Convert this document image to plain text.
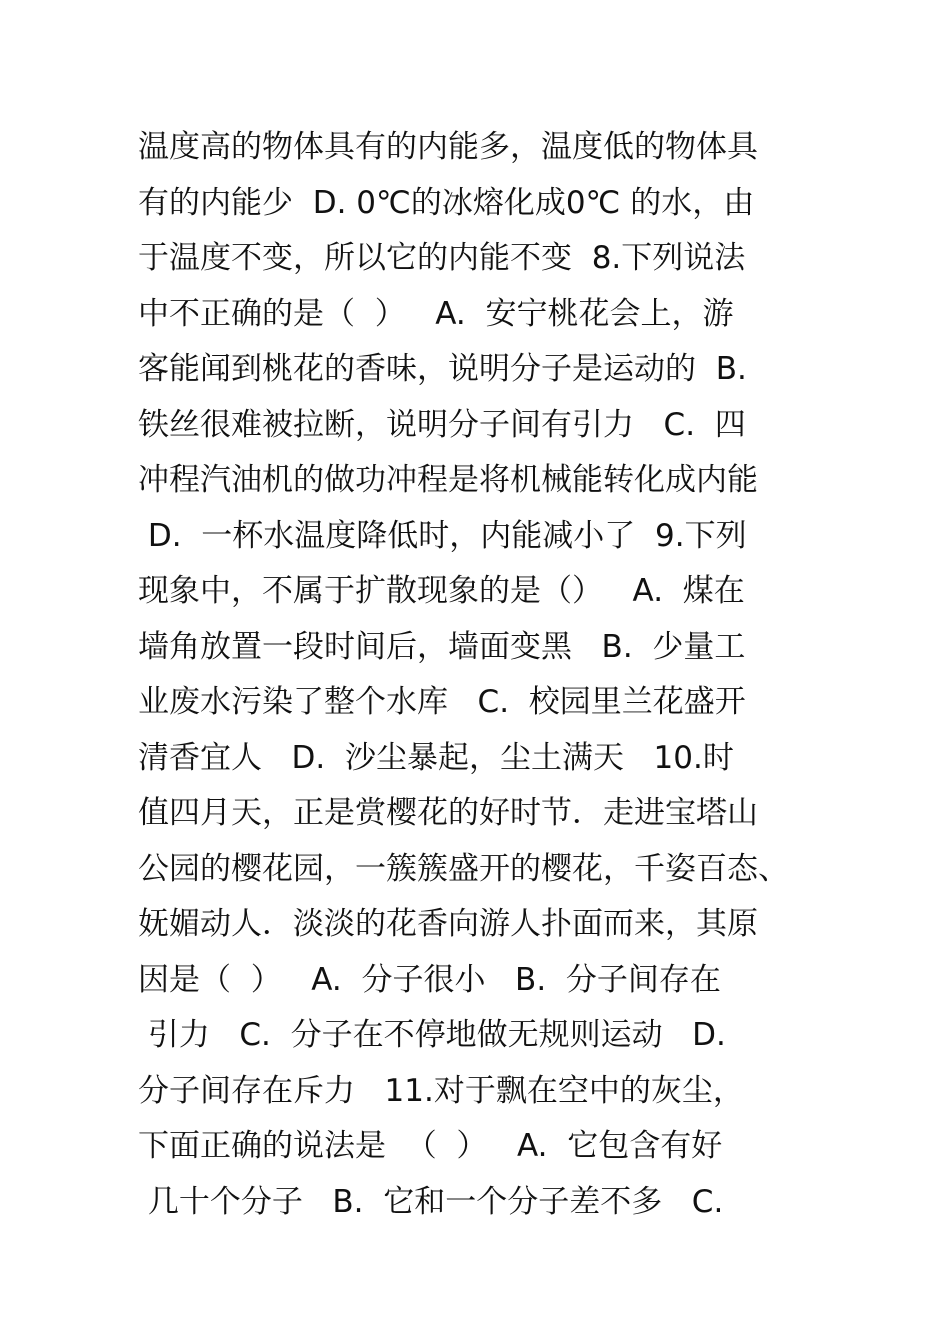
温度高的物体具有的内能多，温度低的物体具
有的内能少  D. 0℃的冰熔化成0℃ 的水，由
于温度不变，所以它的内能不变  8.下列说法
中不正确的是（  ）   A.  安宁桃花会上，游
客能闻到桃花的香味，说明分子是运动的  B.
铁丝很难被拉断，说明分子间有引力   C.  四
冲程汽油机的做功冲程是将机械能转化成内能
D.  一杯水温度降低时，内能减小了  9.下列
现象中，不属于扩散现象的是（）   A.  煤在
墙角放置一段时间后，墙面变黑   B.  少量工
业废水污染了整个水库   C.  校园里兰花盛开
清香宜人   D.  沙尘暴起，尘土满天   10.时
值四月天，正是赏樱花的好时节．走进宝塔山
公园的樱花园，一簇簇盛开的樱花，千姿百态、
妩媚动人．淡淡的花香向游人扑面而来，其原
因是（  ）   A.  分子很小   B.  分子间存在
引力   C.  分子在不停地做无规则运动   D.
分子间存在斥力   11.对于飘在空中的灰尘，
下面正确的说法是  （  ）   A.  它包含有好
几十个分子   B.  它和一个分子差不多   C.
